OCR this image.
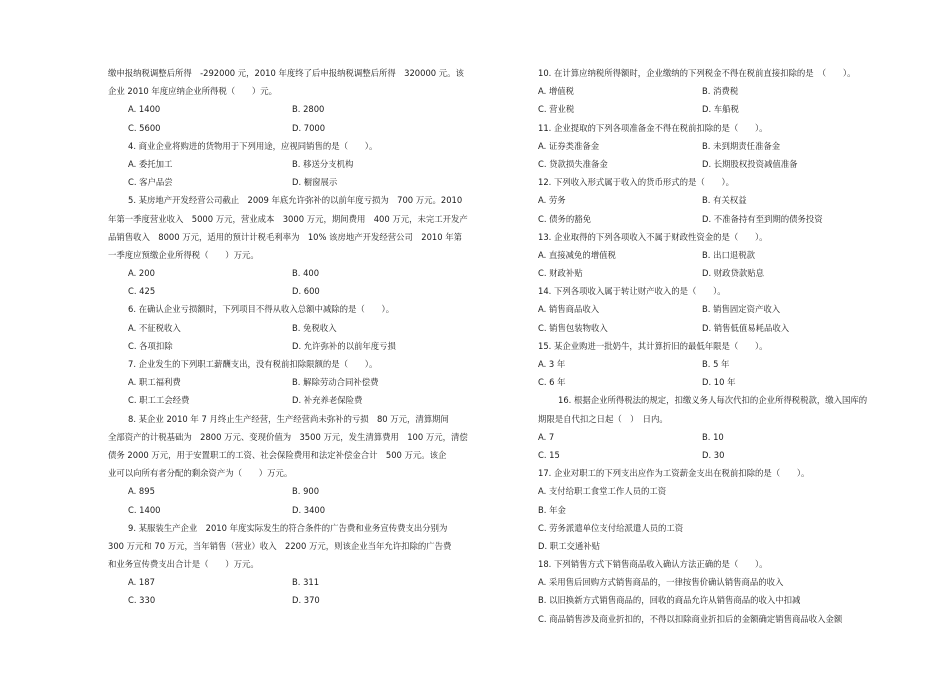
缴申报纳税调整后所得　-292000 元，2010 年度终了后申报纳税调整后所得　320000 元。该
企业 2010 年度应纳企业所得税（　　）元。
A. 1400	B. 2800
C. 5600	D. 7000
4. 商业企业将购进的货物用于下列用途，应视同销售的是（　　）。
A. 委托加工	B. 移送分支机构
C. 客户品尝	D. 橱窗展示
5. 某房地产开发经营公司截止　2009 年底允许弥补的以前年度亏损为　700 万元。2010
年第一季度营业收入　5000 万元，营业成本　3000 万元，期间费用　400 万元，未完工开发产
品销售收入　8000 万元，适用的预计计税毛利率为　10% 该房地产开发经营公司　2010 年第
一季度应预缴企业所得税（　　）万元。
A. 200	B. 400
C. 425	D. 600
6. 在确认企业亏损额时，下列项目不得从收入总额中减除的是（　　）。
A. 不征税收入	B. 免税收入
C. 各项扣除	D. 允许弥补的以前年度亏损
7. 企业发生的下列职工薪酬支出，没有税前扣除限额的是（　　）。
A. 职工福利费	B. 解除劳动合同补偿费
C. 职工工会经费	D. 补充养老保险费
8. 某企业 2010 年 7 月终止生产经营，生产经营尚未弥补的亏损　80 万元，清算期间
全部资产的计税基础为　2800 万元、变现价值为　3500 万元，发生清算费用　100 万元，清偿
债务 2000 万元，用于安置职工的工资、社会保险费用和法定补偿金合计　500 万元。该企
业可以向所有者分配的剩余资产为（　　）万元。
A. 895	B. 900
C. 1400	D. 3400
9. 某服装生产企业　2010 年度实际发生的符合条件的广告费和业务宣传费支出分别为
300 万元和 70 万元，当年销售（营业）收入　2200 万元，则该企业当年允许扣除的广告费
和业务宣传费支出合计是（　　）万元。
A. 187	B. 311
C. 330	D. 370
10. 在计算应纳税所得额时，企业缴纳的下列税金不得在税前直接扣除的是　（　　）。
A. 增值税	B. 消费税
C. 营业税	D. 车船税
11. 企业提取的下列各项准备金不得在税前扣除的是（　　）。
A. 证券类准备金	B. 未到期责任准备金
C. 贷款损失准备金	D. 长期股权投资减值准备
12. 下列收入形式属于收入的货币形式的是（　　）。
A. 劳务	B. 有关权益
C. 债务的豁免	D. 不准备持有至到期的债务投资
13. 企业取得的下列各项收入不属于财政性资金的是（　　）。
A. 直接减免的增值税	B. 出口退税款
C. 财政补贴	D. 财政贷款贴息
14. 下列各项收入属于转让财产收入的是（　　）。
A. 销售商品收入	B. 销售固定资产收入
C. 销售包装物收入	D. 销售低值易耗品收入
15. 某企业购进一批奶牛，其计算折旧的最低年限是（　　）。
A. 3 年	B. 5 年
C. 6 年	D. 10 年
16. 根据企业所得税法的规定，扣缴义务人每次代扣的企业所得税税款，缴入国库的
期限是自代扣之日起（　）　日内。
A. 7	B. 10
C. 15	D. 30
17. 企业对职工的下列支出应作为工资薪金支出在税前扣除的是（　　）。
A. 支付给职工食堂工作人员的工资
B. 年金
C. 劳务派遣单位支付给派遣人员的工资
D. 职工交通补贴
18. 下列销售方式下销售商品收入确认方法正确的是（　　）。
A. 采用售后回购方式销售商品的，一律按售价确认销售商品的收入
B. 以旧换新方式销售商品的，回收的商品允许从销售商品的收入中扣减
C. 商品销售涉及商业折扣的，不得以扣除商业折扣后的金额确定销售商品收入金额
